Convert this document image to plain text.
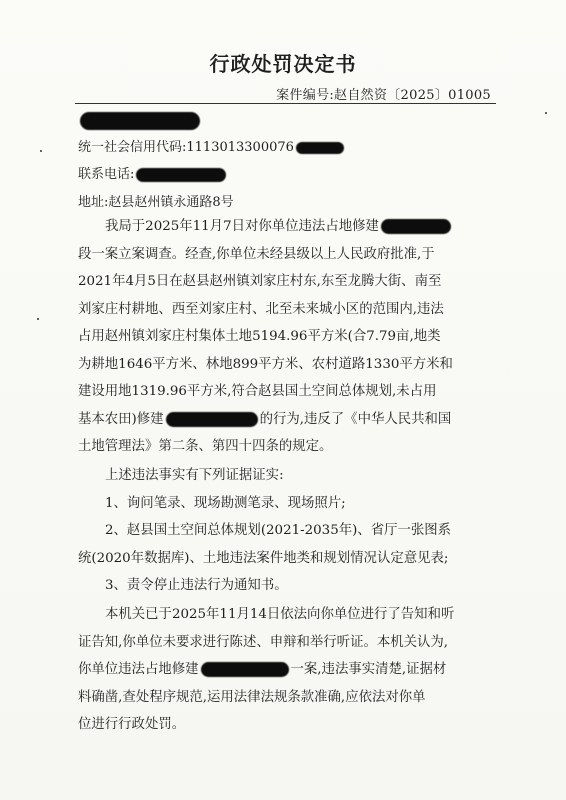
行政处罚决定书
案件编号:赵自然资〔2025〕01005
统一社会信用代码:1113013300076
联系电话:
地址:赵县赵州镇永通路8号
我局于2025年11月7日对你单位违法占地修建
段一案立案调查。经查,你单位未经县级以上人民政府批准,于
2021年4月5日在赵县赵州镇刘家庄村东,东至龙腾大街、南至
刘家庄村耕地、西至刘家庄村、北至未来城小区的范围内,违法
占用赵州镇刘家庄村集体土地5194.96平方米(合7.79亩,地类
为耕地1646平方米、林地899平方米、农村道路1330平方米和
建设用地1319.96平方米,符合赵县国土空间总体规划,未占用
基本农田)修建	的行为,违反了《中华人民共和国
土地管理法》第二条、第四十四条的规定。
上述违法事实有下列证据证实:
1、询问笔录、现场勘测笔录、现场照片;
2、赵县国土空间总体规划(2021-2035年)、省厅一张图系
统(2020年数据库)、土地违法案件地类和规划情况认定意见表;
3、责令停止违法行为通知书。
本机关已于2025年11月14日依法向你单位进行了告知和听
证告知,你单位未要求进行陈述、申辩和举行听证。本机关认为,
你单位违法占地修建	一案,违法事实清楚,证据材
料确凿,查处程序规范,运用法律法规条款准确,应依法对你单
位进行行政处罚。
